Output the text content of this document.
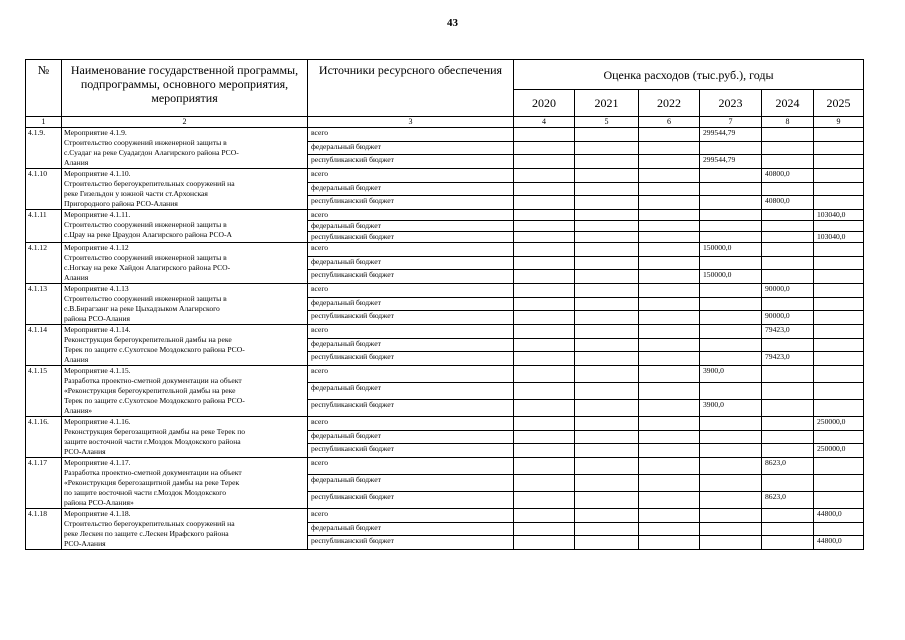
43
№	Наименование государственной программы, подпрограммы, основного мероприятия, мероприятия	Источники ресурсного обеспечения	Оценка расходов (тыс.руб.), годы					
			2020	2021	2022	2023	2024	2025
1	2	3	4	5	6	7	8	9
4.1.9.	Мероприятие 4.1.9.
Строительство сооружений инженерной защиты в
с.Суадаг на реке Суадагдон Алагирского района РСО-
Алания	всего				299544,79		
		федеральный бюджет						
		республиканский бюджет				299544,79		
4.1.10	Мероприятие 4.1.10.
Строительство берегоукрепительных сооружений на
реке Гизельдон у южной части ст.Архонская
Пригородного района РСО-Алания	всего					40800,0	
		федеральный бюджет						
		республиканский бюджет					40800,0	
4.1.11	Мероприятие 4.1.11.
Строительство сооружений инженерной защиты в
с.Црау на реке Црaудон Алагирского района РСО-А	всего						103040,0
		федеральный бюджет						
		республиканский бюджет						103040,0
4.1.12	Мероприятие 4.1.12
Строительство сооружений инженерной защиты в
с.Ногкау на реке Хайдон Алагирского района РСО-
Алания	всего				150000,0		
		федеральный бюджет						
		республиканский бюджет				150000,0		
4.1.13	Мероприятие 4.1.13
Строительство сооружений инженерной защиты в
с.В.Бирагзанг на реке Цыхадзыком Алагирского
района РСО-Алания	всего					90000,0	
		федеральный бюджет						
		республиканский бюджет					90000,0	
4.1.14	Мероприятие 4.1.14.
Реконструкция берегоукрепительной дамбы на реке
Терек по защите с.Сухотское Моздокского района РСО-
Алания	всего					79423,0	
		федеральный бюджет						
		республиканский бюджет					79423,0	
4.1.15	Мероприятие 4.1.15.
Разработка проектно-сметной документации на объект
«Реконструкция берегоукрепительной дамбы на реке
Терек по защите с.Сухотское Моздокского района РСО-
Алания»	всего				3900,0		
		федеральный бюджет						
		республиканский бюджет				3900,0		
4.1.16.	Мероприятие 4.1.16.
Реконструкция берегозащитной дамбы на реке Терек по
защите восточной части г.Моздок Моздокского района
РСО-Алания	всего						250000,0
		федеральный бюджет						
		республиканский бюджет						250000,0
4.1.17	Мероприятие 4.1.17.
Разработка проектно-сметной документации на объект
«Реконструкция берегозащитной дамбы на реке Терек
по защите восточной части г.Моздок Моздокского
района РСО-Алания»	всего					8623,0	
		федеральный бюджет						
		республиканский бюджет					8623,0	
4.1.18	Мероприятие 4.1.18.
Строительство берегоукрепительных сооружений на
реке Лескен по защите с.Лескен Ирафского района
РСО-Алания	всего						44800,0
		федеральный бюджет						
		республиканский бюджет						44800,0
